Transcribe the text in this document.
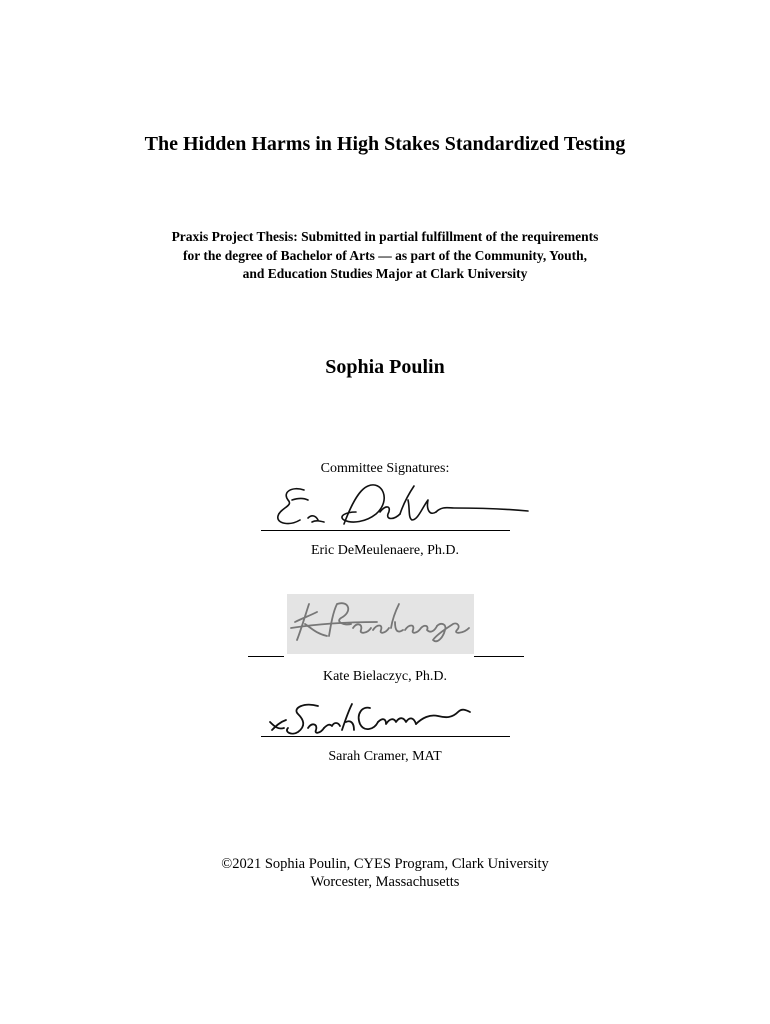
The Hidden Harms in High Stakes Standardized Testing
Praxis Project Thesis: Submitted in partial fulfillment of the requirements
for the degree of Bachelor of Arts — as part of the Community, Youth,
and Education Studies Major at Clark University
Sophia Poulin
Committee Signatures:
Eric DeMeulenaere, Ph.D.
Kate Bielaczyc, Ph.D.
Sarah Cramer, MAT
©2021 Sophia Poulin, CYES Program, Clark University
Worcester, Massachusetts
